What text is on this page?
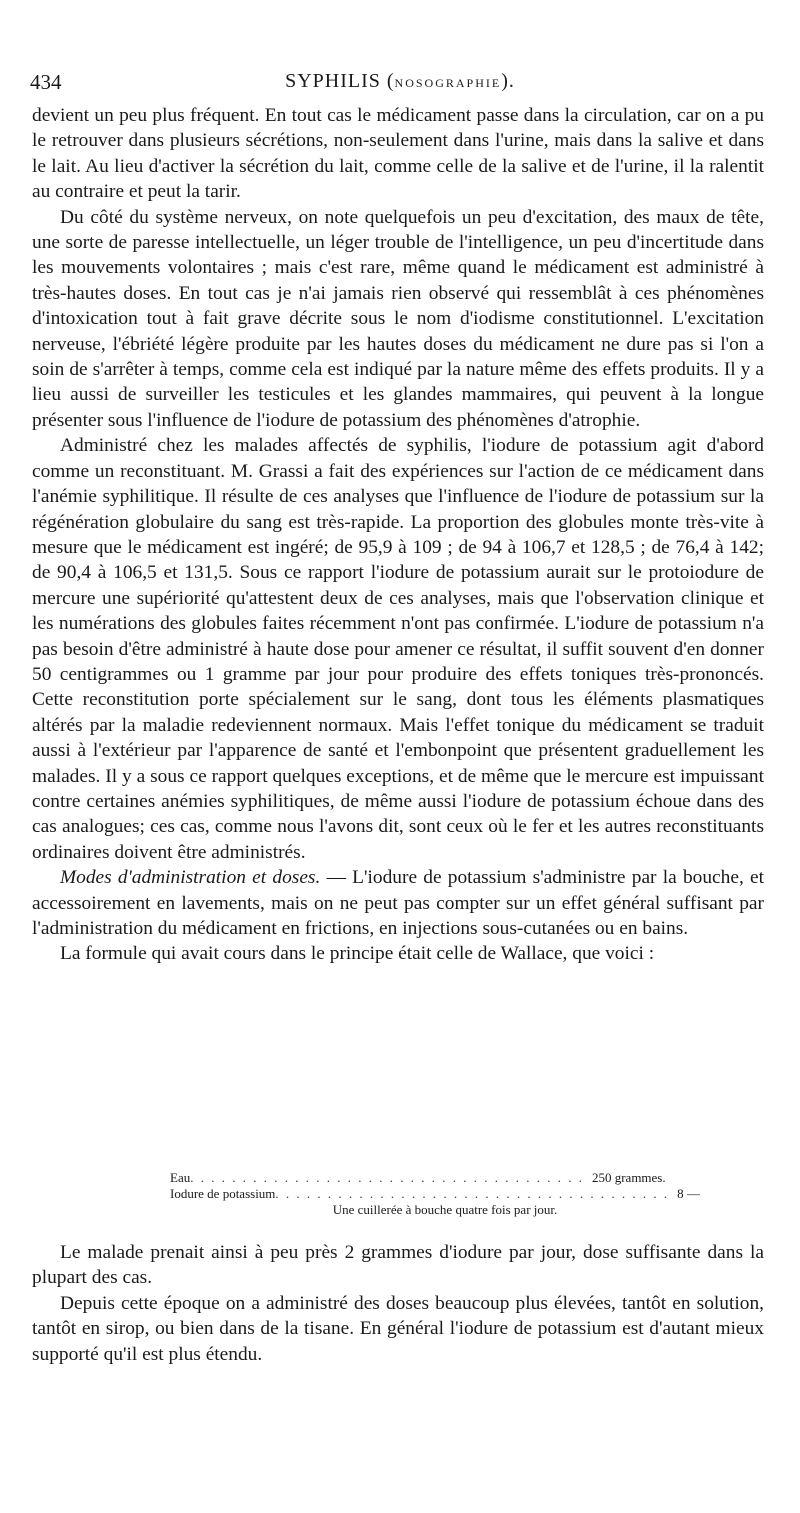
434	SYPHILIS (NOSOGRAPHIE).

devient un peu plus fréquent. En tout cas le médicament passe dans la circulation, car on a pu le retrouver dans plusieurs sécrétions, non-seulement dans l'urine, mais dans la salive et dans le lait. Au lieu d'activer la sécrétion du lait, comme celle de la salive et de l'urine, il la ralentit au contraire et peut la tarir.

Du côté du système nerveux, on note quelquefois un peu d'excitation, des maux de tête, une sorte de paresse intellectuelle, un léger trouble de l'intelligence, un peu d'incertitude dans les mouvements volontaires ; mais c'est rare, même quand le médicament est administré à très-hautes doses. En tout cas je n'ai jamais rien observé qui ressemblât à ces phénomènes d'intoxication tout à fait grave décrite sous le nom d'iodisme constitutionnel. L'excitation nerveuse, l'ébriété légère produite par les hautes doses du médicament ne dure pas si l'on a soin de s'arrêter à temps, comme cela est indiqué par la nature même des effets produits. Il y a lieu aussi de surveiller les testicules et les glandes mammaires, qui peuvent à la longue présenter sous l'influence de l'iodure de potassium des phénomènes d'atrophie.

Administré chez les malades affectés de syphilis, l'iodure de potassium agit d'abord comme un reconstituant. M. Grassi a fait des expériences sur l'action de ce médicament dans l'anémie syphilitique. Il résulte de ces analyses que l'influence de l'iodure de potassium sur la régénération globulaire du sang est très-rapide. La proportion des globules monte très-vite à mesure que le médicament est ingéré; de 95,9 à 109 ; de 94 à 106,7 et 128,5 ; de 76,4 à 142; de 90,4 à 106,5 et 131,5. Sous ce rapport l'iodure de potassium aurait sur le protoiodure de mercure une supériorité qu'attestent deux de ces analyses, mais que l'observation clinique et les numérations des globules faites récemment n'ont pas confirmée. L'iodure de potassium n'a pas besoin d'être administré à haute dose pour amener ce résultat, il suffit souvent d'en donner 50 centigrammes ou 1 gramme par jour pour produire des effets toniques très-prononcés. Cette reconstitution porte spécialement sur le sang, dont tous les éléments plasmatiques altérés par la maladie redeviennent normaux. Mais l'effet tonique du médicament se traduit aussi à l'extérieur par l'apparence de santé et l'embonpoint que présentent graduellement les malades. Il y a sous ce rapport quelques exceptions, et de même que le mercure est impuissant contre certaines anémies syphilitiques, de même aussi l'iodure de potassium échoue dans des cas analogues; ces cas, comme nous l'avons dit, sont ceux où le fer et les autres reconstituants ordinaires doivent être administrés.

Modes d'administration et doses. — L'iodure de potassium s'administre par la bouche, et accessoirement en lavements, mais on ne peut pas compter sur un effet général suffisant par l'administration du médicament en frictions, en injections sous-cutanées ou en bains.

La formule qui avait cours dans le principe était celle de Wallace, que voici :

Eau . . . . . . . . . . . . . . . . . . . . . . . . . . . . . . . . . . . . . . 250 grammes.
Iodure de potassium . . . . . . . . . . . . . . . . . . . . . . . . . . . . . . . . . . . . . . 8 —
Une cuillerée à bouche quatre fois par jour.

Le malade prenait ainsi à peu près 2 grammes d'iodure par jour, dose suffisante dans la plupart des cas.

Depuis cette époque on a administré des doses beaucoup plus élevées, tantôt en solution, tantôt en sirop, ou bien dans de la tisane. En général l'iodure de potassium est d'autant mieux supporté qu'il est plus étendu.
